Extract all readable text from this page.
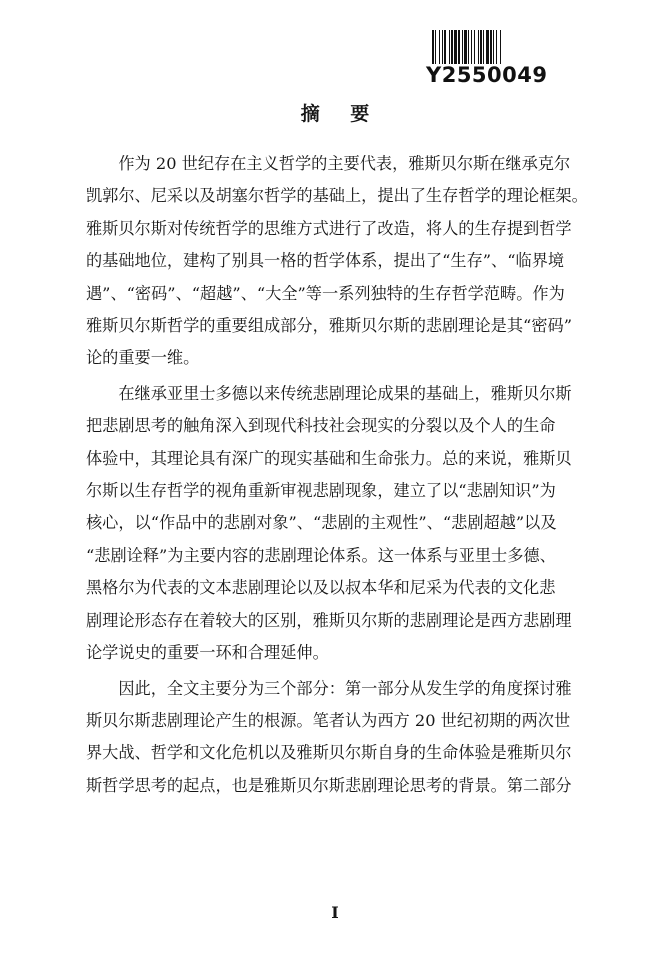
Y2550049
摘 要

　　作为 20 世纪存在主义哲学的主要代表，雅斯贝尔斯在继承克尔
凯郭尔、尼采以及胡塞尔哲学的基础上，提出了生存哲学的理论框架。
雅斯贝尔斯对传统哲学的思维方式进行了改造，将人的生存提到哲学
的基础地位，建构了别具一格的哲学体系，提出了“生存”、“临界境
遇”、“密码”、“超越”、“大全”等一系列独特的生存哲学范畴。作为
雅斯贝尔斯哲学的重要组成部分，雅斯贝尔斯的悲剧理论是其“密码”
论的重要一维。

　　在继承亚里士多德以来传统悲剧理论成果的基础上，雅斯贝尔斯
把悲剧思考的触角深入到现代科技社会现实的分裂以及个人的生命
体验中，其理论具有深广的现实基础和生命张力。总的来说，雅斯贝
尔斯以生存哲学的视角重新审视悲剧现象，建立了以“悲剧知识”为
核心，以“作品中的悲剧对象”、“悲剧的主观性”、“悲剧超越”以及
“悲剧诠释”为主要内容的悲剧理论体系。这一体系与亚里士多德、
黑格尔为代表的文本悲剧理论以及以叔本华和尼采为代表的文化悲
剧理论形态存在着较大的区别，雅斯贝尔斯的悲剧理论是西方悲剧理
论学说史的重要一环和合理延伸。

　　因此，全文主要分为三个部分：第一部分从发生学的角度探讨雅
斯贝尔斯悲剧理论产生的根源。笔者认为西方 20 世纪初期的两次世
界大战、哲学和文化危机以及雅斯贝尔斯自身的生命体验是雅斯贝尔
斯哲学思考的起点，也是雅斯贝尔斯悲剧理论思考的背景。第二部分

I
